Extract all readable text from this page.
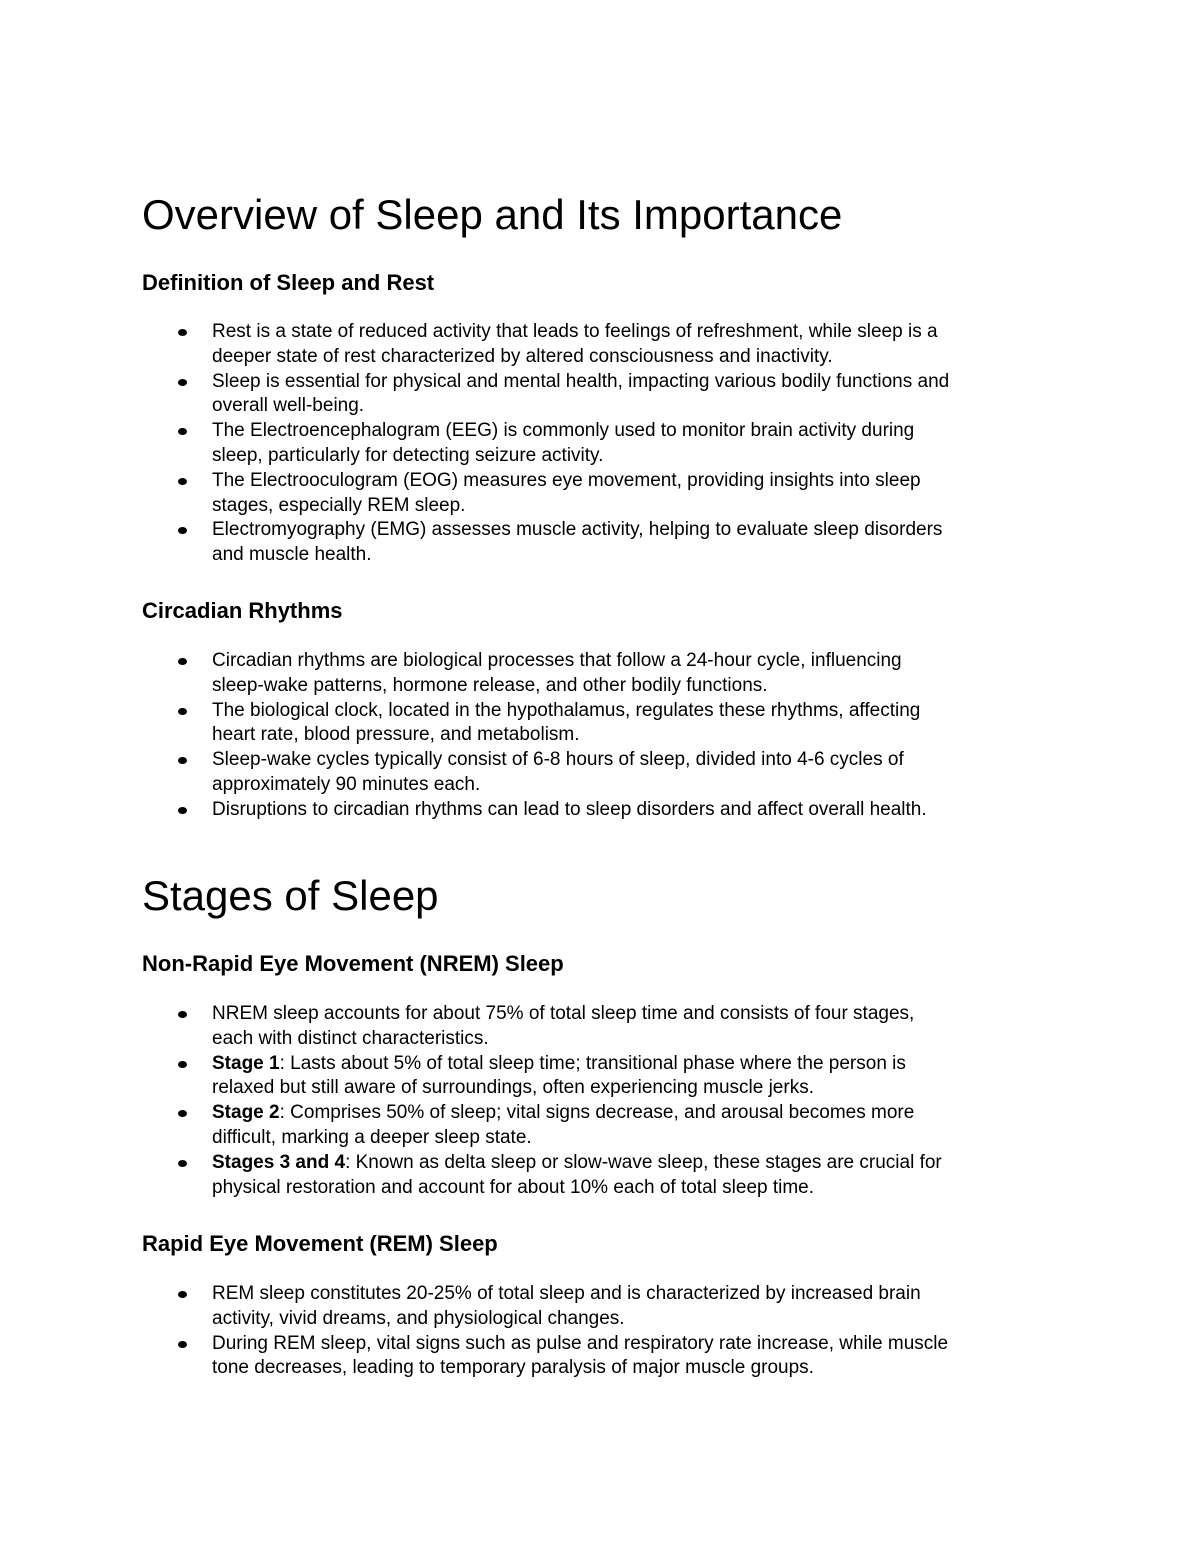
Overview of Sleep and Its Importance
Definition of Sleep and Rest
Rest is a state of reduced activity that leads to feelings of refreshment, while sleep is a
deeper state of rest characterized by altered consciousness and inactivity.
Sleep is essential for physical and mental health, impacting various bodily functions and
overall well-being.
The Electroencephalogram (EEG) is commonly used to monitor brain activity during
sleep, particularly for detecting seizure activity.
The Electrooculogram (EOG) measures eye movement, providing insights into sleep
stages, especially REM sleep.
Electromyography (EMG) assesses muscle activity, helping to evaluate sleep disorders
and muscle health.
Circadian Rhythms
Circadian rhythms are biological processes that follow a 24-hour cycle, influencing
sleep-wake patterns, hormone release, and other bodily functions.
The biological clock, located in the hypothalamus, regulates these rhythms, affecting
heart rate, blood pressure, and metabolism.
Sleep-wake cycles typically consist of 6-8 hours of sleep, divided into 4-6 cycles of
approximately 90 minutes each.
Disruptions to circadian rhythms can lead to sleep disorders and affect overall health.
Stages of Sleep
Non-Rapid Eye Movement (NREM) Sleep
NREM sleep accounts for about 75% of total sleep time and consists of four stages,
each with distinct characteristics.
Stage 1: Lasts about 5% of total sleep time; transitional phase where the person is
relaxed but still aware of surroundings, often experiencing muscle jerks.
Stage 2: Comprises 50% of sleep; vital signs decrease, and arousal becomes more
difficult, marking a deeper sleep state.
Stages 3 and 4: Known as delta sleep or slow-wave sleep, these stages are crucial for
physical restoration and account for about 10% each of total sleep time.
Rapid Eye Movement (REM) Sleep
REM sleep constitutes 20-25% of total sleep and is characterized by increased brain
activity, vivid dreams, and physiological changes.
During REM sleep, vital signs such as pulse and respiratory rate increase, while muscle
tone decreases, leading to temporary paralysis of major muscle groups.
